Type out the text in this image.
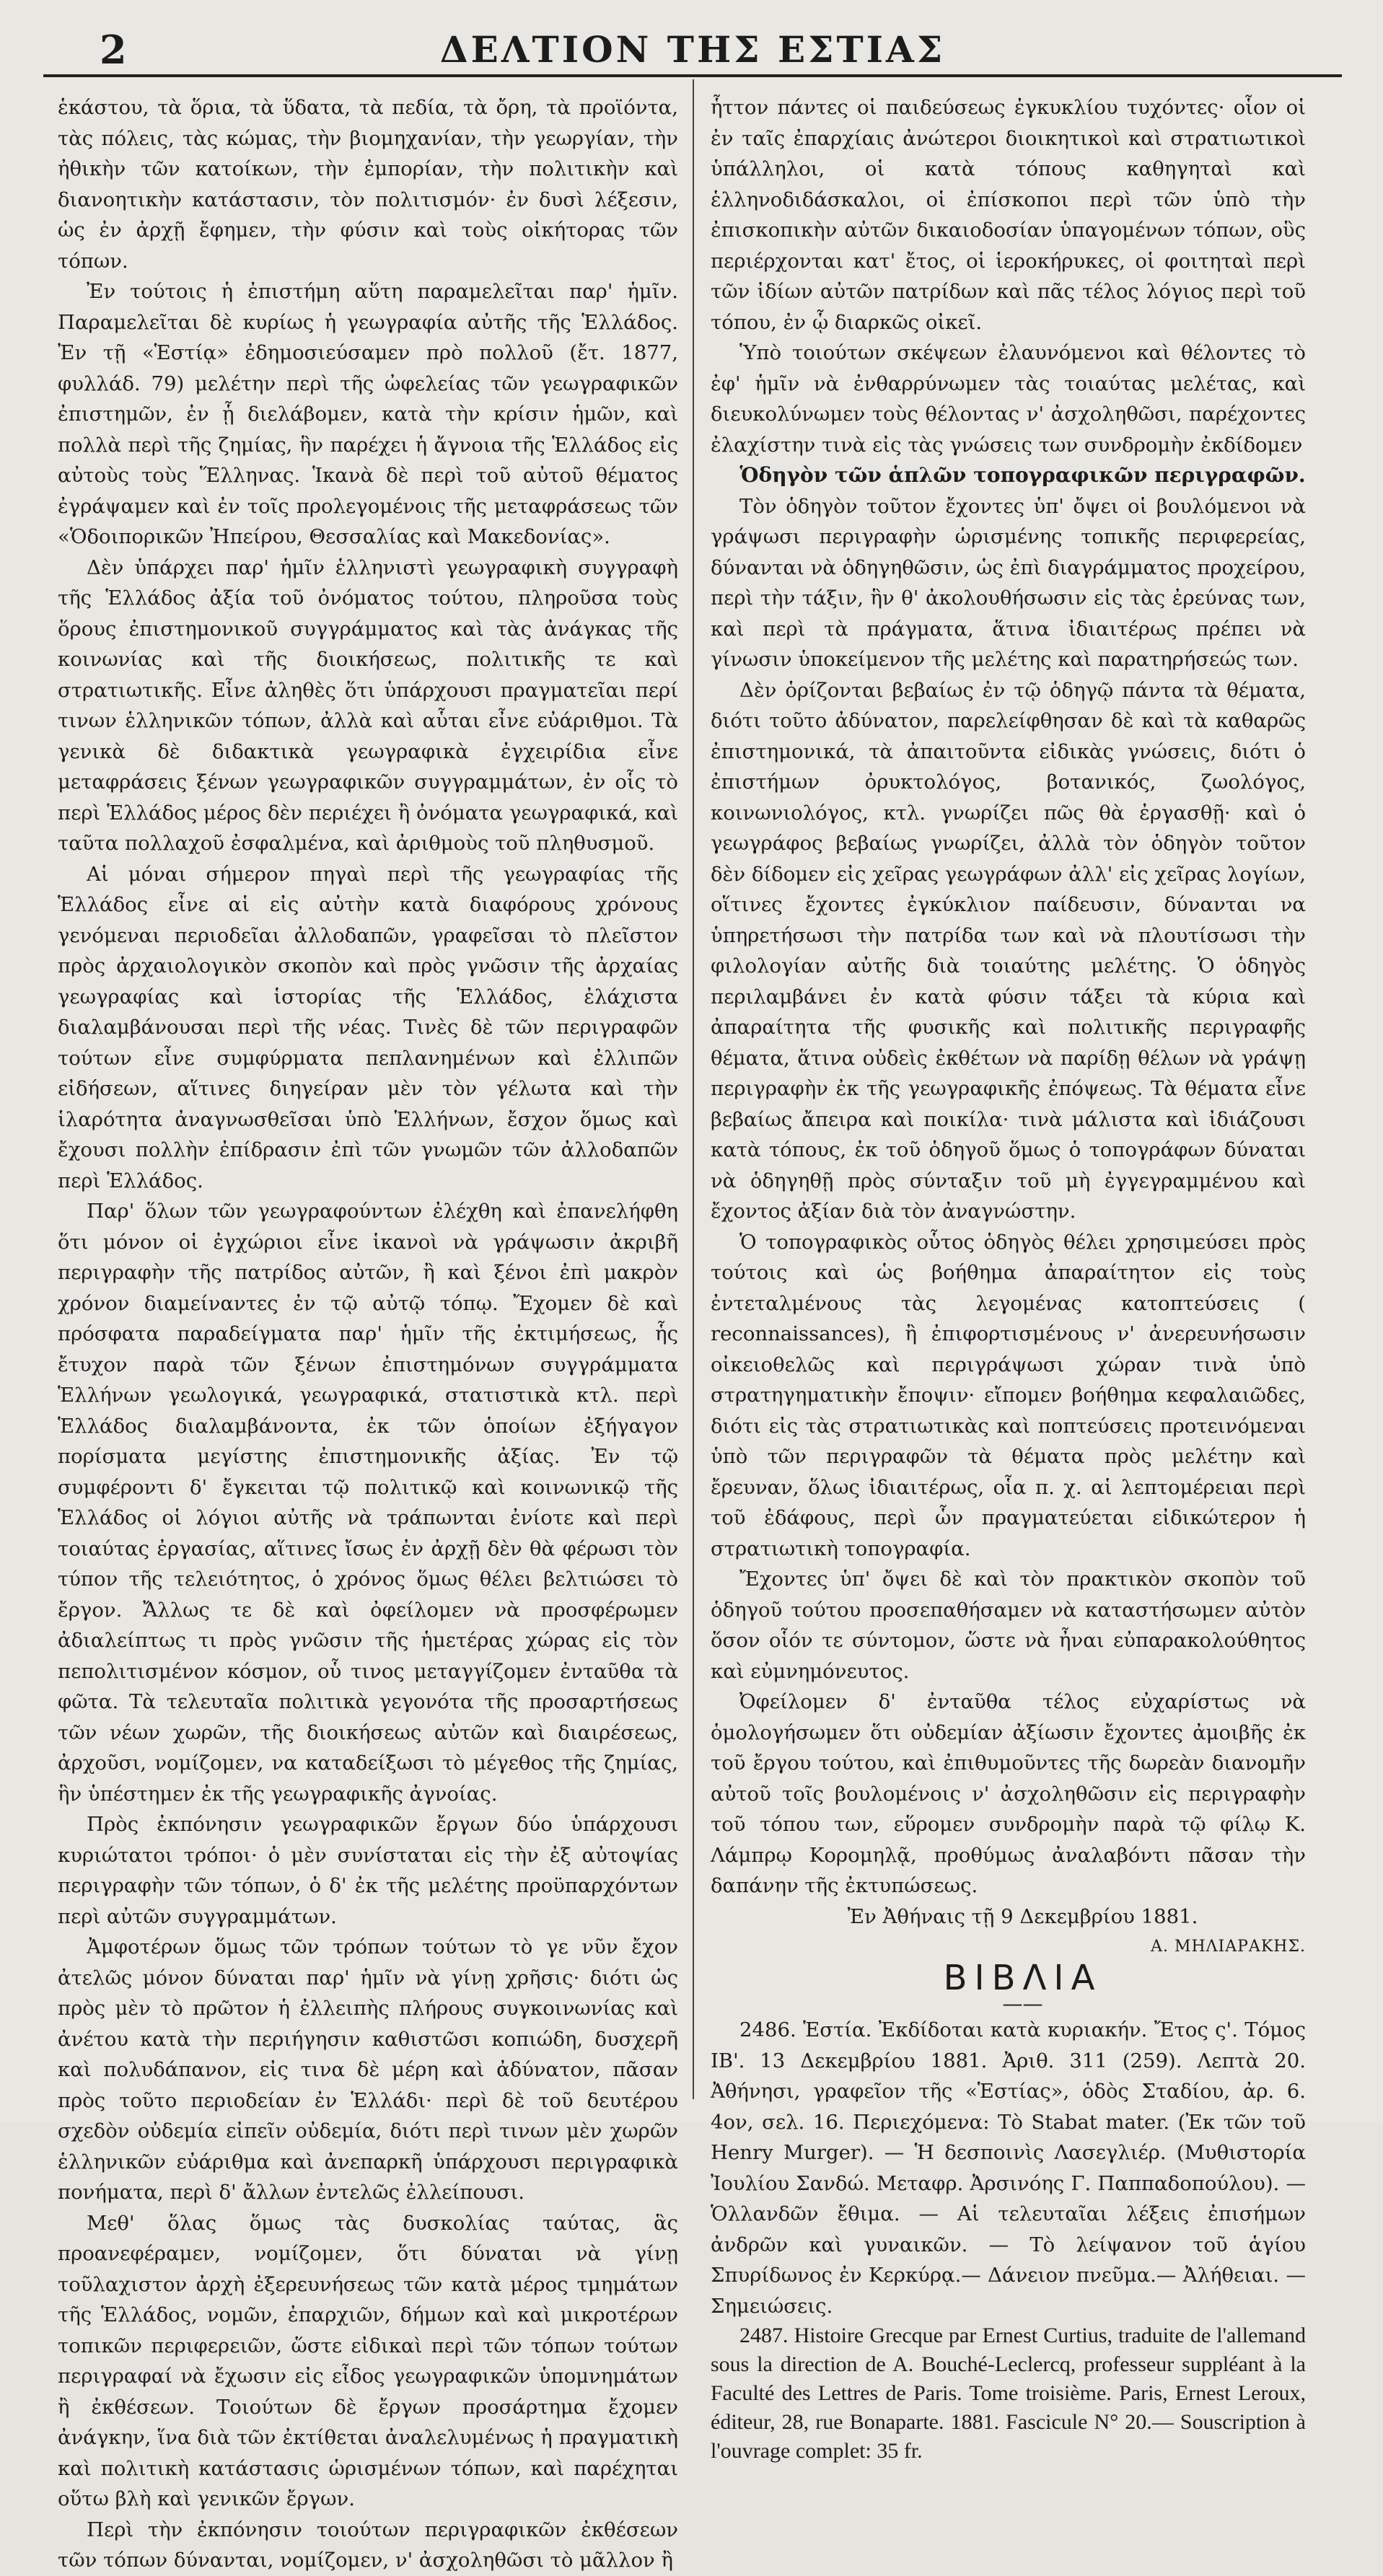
2	ΔΕΛΤΙΟΝ ΤΗΣ ΕΣΤΙΑΣ

ἑκάστου, τὰ ὅρια, τὰ ὕδατα, τὰ πεδία, τὰ ὄρη, τὰ προϊόντα, τὰς πόλεις, τὰς κώμας, τὴν βιομηχανίαν, τὴν γεωργίαν, τὴν ἠθικὴν τῶν κατοίκων, τὴν ἐμπορίαν, τὴν πολιτικὴν καὶ διανοητικὴν κατάστασιν, τὸν πολιτισμόν· ἐν δυσὶ λέξεσιν, ὡς ἐν ἀρχῇ ἔφημεν, τὴν φύσιν καὶ τοὺς οἰκήτορας τῶν τόπων.

Ἐν τούτοις ἡ ἐπιστήμη αὕτη παραμελεῖται παρ' ἡμῖν. Παραμελεῖται δὲ κυρίως ἡ γεωγραφία αὐτῆς τῆς Ἑλλάδος. Ἐν τῇ «Ἑστίᾳ» ἐδημοσιεύσαμεν πρὸ πολλοῦ (ἔτ. 1877, φυλλάδ. 79) μελέτην περὶ τῆς ὠφελείας τῶν γεωγραφικῶν ἐπιστημῶν, ἐν ᾗ διελάβομεν, κατὰ τὴν κρίσιν ἡμῶν, καὶ πολλὰ περὶ τῆς ζημίας, ἣν παρέχει ἡ ἄγνοια τῆς Ἑλλάδος εἰς αὐτοὺς τοὺς Ἕλληνας. Ἱκανὰ δὲ περὶ τοῦ αὐτοῦ θέματος ἐγράψαμεν καὶ ἐν τοῖς προλεγομένοις τῆς μεταφράσεως τῶν «Ὁδοιπορικῶν Ἠπείρου, Θεσσαλίας καὶ Μακεδονίας».

Δὲν ὑπάρχει παρ' ἡμῖν ἑλληνιστὶ γεωγραφικὴ συγγραφὴ τῆς Ἑλλάδος ἀξία τοῦ ὀνόματος τούτου, πληροῦσα τοὺς ὅρους ἐπιστημονικοῦ συγγράμματος καὶ τὰς ἀνάγκας τῆς κοινωνίας καὶ τῆς διοικήσεως, πολιτικῆς τε καὶ στρατιωτικῆς. Εἶνε ἀληθὲς ὅτι ὑπάρχουσι πραγματεῖαι περί τινων ἑλληνικῶν τόπων, ἀλλὰ καὶ αὗται εἶνε εὐάριθμοι. Τὰ γενικὰ δὲ διδακτικὰ γεωγραφικὰ ἐγχειρίδια εἶνε μεταφράσεις ξένων γεωγραφικῶν συγγραμμάτων, ἐν οἷς τὸ περὶ Ἑλλάδος μέρος δὲν περιέχει ἢ ὀνόματα γεωγραφικά, καὶ ταῦτα πολλαχοῦ ἐσφαλμένα, καὶ ἀριθμοὺς τοῦ πληθυσμοῦ.

Αἱ μόναι σήμερον πηγαὶ περὶ τῆς γεωγραφίας τῆς Ἑλλάδος εἶνε αἱ εἰς αὐτὴν κατὰ διαφόρους χρόνους γενόμεναι περιοδεῖαι ἀλλοδαπῶν, γραφεῖσαι τὸ πλεῖστον πρὸς ἀρχαιολογικὸν σκοπὸν καὶ πρὸς γνῶσιν τῆς ἀρχαίας γεωγραφίας καὶ ἱστορίας τῆς Ἑλλάδος, ἐλάχιστα διαλαμβάνουσαι περὶ τῆς νέας. Τινὲς δὲ τῶν περιγραφῶν τούτων εἶνε συμφύρματα πεπλανημένων καὶ ἐλλιπῶν εἰδήσεων, αἵτινες διηγείραν μὲν τὸν γέλωτα καὶ τὴν ἱλαρότητα ἀναγνωσθεῖσαι ὑπὸ Ἑλλήνων, ἔσχον ὅμως καὶ ἔχουσι πολλὴν ἐπίδρασιν ἐπὶ τῶν γνωμῶν τῶν ἀλλοδαπῶν περὶ Ἑλλάδος.

Παρ' ὅλων τῶν γεωγραφούντων ἐλέχθη καὶ ἐπανελήφθη ὅτι μόνον οἱ ἐγχώριοι εἶνε ἱκανοὶ νὰ γράψωσιν ἀκριβῆ περιγραφὴν τῆς πατρίδος αὐτῶν, ἢ καὶ ξένοι ἐπὶ μακρὸν χρόνον διαμείναντες ἐν τῷ αὐτῷ τόπῳ. Ἔχομεν δὲ καὶ πρόσφατα παραδείγματα παρ' ἡμῖν τῆς ἐκτιμήσεως, ἧς ἔτυχον παρὰ τῶν ξένων ἐπιστημόνων συγγράμματα Ἑλλήνων γεωλογικά, γεωγραφικά, στατιστικὰ κτλ. περὶ Ἑλλάδος διαλαμβάνοντα, ἐκ τῶν ὁποίων ἐξήγαγον πορίσματα μεγίστης ἐπιστημονικῆς ἀξίας. Ἐν τῷ συμφέροντι δ' ἔγκειται τῷ πολιτικῷ καὶ κοινωνικῷ τῆς Ἑλλάδος οἱ λόγιοι αὐτῆς νὰ τράπωνται ἐνίοτε καὶ περὶ τοιαύτας ἐργασίας, αἵτινες ἴσως ἐν ἀρχῇ δὲν θὰ φέρωσι τὸν τύπον τῆς τελειότητος, ὁ χρόνος ὅμως θέλει βελτιώσει τὸ ἔργον. Ἄλλως τε δὲ καὶ ὀφείλομεν νὰ προσφέρωμεν ἀδιαλείπτως τι πρὸς γνῶσιν τῆς ἡμετέρας χώρας εἰς τὸν πεπολιτισμένον κόσμον, οὗ τινος μεταγγίζομεν ἐνταῦθα τὰ φῶτα. Τὰ τελευταῖα πολιτικὰ γεγονότα τῆς προσαρτήσεως τῶν νέων χωρῶν, τῆς διοικήσεως αὐτῶν καὶ διαιρέσεως, ἀρχοῦσι, νομίζομεν, να καταδείξωσι τὸ μέγεθος τῆς ζημίας, ἣν ὑπέστημεν ἐκ τῆς γεωγραφικῆς ἀγνοίας.

Πρὸς ἐκπόνησιν γεωγραφικῶν ἔργων δύο ὑπάρχουσι κυριώτατοι τρόποι· ὁ μὲν συνίσταται εἰς τὴν ἐξ αὐτοψίας περιγραφὴν τῶν τόπων, ὁ δ' ἐκ τῆς μελέτης προϋπαρχόντων περὶ αὐτῶν συγγραμμάτων.

Ἀμφοτέρων ὅμως τῶν τρόπων τούτων τὸ γε νῦν ἔχον ἀτελῶς μόνον δύναται παρ' ἡμῖν νὰ γίνῃ χρῆσις· διότι ὡς πρὸς μὲν τὸ πρῶτον ἡ ἐλλειπὴς πλήρους συγκοινωνίας καὶ ἀνέτου κατὰ τὴν περιήγησιν καθιστῶσι κοπιώδη, δυσχερῆ καὶ πολυδάπανον, εἰς τινα δὲ μέρη καὶ ἀδύνατον, πᾶσαν πρὸς τοῦτο περιοδείαν ἐν Ἑλλάδι· περὶ δὲ τοῦ δευτέρου σχεδὸν οὐδεμία εἰπεῖν οὐδεμία, διότι περὶ τινων μὲν χωρῶν ἑλληνικῶν εὐάριθμα καὶ ἀνεπαρκῆ ὑπάρχουσι περιγραφικὰ πονήματα, περὶ δ' ἄλλων ἐντελῶς ἐλλείπουσι.

Μεθ' ὅλας ὅμως τὰς δυσκολίας ταύτας, ἃς προανεφέραμεν, νομίζομεν, ὅτι δύναται νὰ γίνῃ τοῦλαχιστον ἀρχὴ ἐξερευνήσεως τῶν κατὰ μέρος τμημάτων τῆς Ἑλλάδος, νομῶν, ἐπαρχιῶν, δήμων καὶ καὶ μικροτέρων τοπικῶν περιφερειῶν, ὥστε εἰδικαὶ περὶ τῶν τόπων τούτων περιγραφαί νὰ ἔχωσιν εἰς εἶδος γεωγραφικῶν ὑπομνημάτων ἢ ἐκθέσεων. Τοιούτων δὲ ἔργων προσάρτημα ἔχομεν ἀνάγκην, ἵνα διὰ τῶν ἐκτίθεται ἀναλελυμένως ἡ πραγματικὴ καὶ πολιτικὴ κατάστασις ὡρισμένων τόπων, καὶ παρέχηται οὕτω βλὴ καὶ γενικῶν ἔργων.

Περὶ τὴν ἐκπόνησιν τοιούτων περιγραφικῶν ἐκθέσεων τῶν τόπων δύνανται, νομίζομεν, ν' ἀσχοληθῶσι τὸ μᾶλλον ἢ

ἧττον πάντες οἱ παιδεύσεως ἐγκυκλίου τυχόντες· οἷον οἱ ἐν ταῖς ἐπαρχίαις ἀνώτεροι διοικητικοὶ καὶ στρατιωτικοὶ ὑπάλληλοι, οἱ κατὰ τόπους καθηγηταὶ καὶ ἑλληνοδιδάσκαλοι, οἱ ἐπίσκοποι περὶ τῶν ὑπὸ τὴν ἐπισκοπικὴν αὐτῶν δικαιοδοσίαν ὑπαγομένων τόπων, οὓς περιέρχονται κατ' ἔτος, οἱ ἱεροκήρυκες, οἱ φοιτηταὶ περὶ τῶν ἰδίων αὐτῶν πατρίδων καὶ πᾶς τέλος λόγιος περὶ τοῦ τόπου, ἐν ᾧ διαρκῶς οἰκεῖ.

Ὑπὸ τοιούτων σκέψεων ἐλαυνόμενοι καὶ θέλοντες τὸ ἐφ' ἡμῖν νὰ ἐνθαρρύνωμεν τὰς τοιαύτας μελέτας, καὶ διευκολύνωμεν τοὺς θέλοντας ν' ἀσχοληθῶσι, παρέχοντες ἐλαχίστην τινὰ εἰς τὰς γνώσεις των συνδρομὴν ἐκδίδομεν

Ὁδηγὸν τῶν ἁπλῶν τοπογραφικῶν περιγραφῶν.

Τὸν ὁδηγὸν τοῦτον ἔχοντες ὑπ' ὄψει οἱ βουλόμενοι νὰ γράψωσι περιγραφὴν ὡρισμένης τοπικῆς περιφερείας, δύνανται νὰ ὁδηγηθῶσιν, ὡς ἐπὶ διαγράμματος προχείρου, περὶ τὴν τάξιν, ἣν θ' ἀκολουθήσωσιν εἰς τὰς ἐρεύνας των, καὶ περὶ τὰ πράγματα, ἅτινα ἰδιαιτέρως πρέπει νὰ γίνωσιν ὑποκείμενον τῆς μελέτης καὶ παρατηρήσεώς των.

Δὲν ὁρίζονται βεβαίως ἐν τῷ ὁδηγῷ πάντα τὰ θέματα, διότι τοῦτο ἀδύνατον, παρελείφθησαν δὲ καὶ τὰ καθαρῶς ἐπιστημονικά, τὰ ἀπαιτοῦντα εἰδικὰς γνώσεις, διότι ὁ ἐπιστήμων ὀρυκτολόγος, βοτανικός, ζωολόγος, κοινωνιολόγος, κτλ. γνωρίζει πῶς θὰ ἐργασθῇ· καὶ ὁ γεωγράφος βεβαίως γνωρίζει, ἀλλὰ τὸν ὁδηγὸν τοῦτον δὲν δίδομεν εἰς χεῖρας γεωγράφων ἀλλ' εἰς χεῖρας λογίων, οἵτινες ἔχοντες ἐγκύκλιον παίδευσιν, δύνανται να ὑπηρετήσωσι τὴν πατρίδα των καὶ νὰ πλουτίσωσι τὴν φιλολογίαν αὐτῆς διὰ τοιαύτης μελέτης. Ὁ ὁδηγὸς περιλαμβάνει ἐν κατὰ φύσιν τάξει τὰ κύρια καὶ ἀπαραίτητα τῆς φυσικῆς καὶ πολιτικῆς περιγραφῆς θέματα, ἅτινα οὐδεὶς ἐκθέτων νὰ παρίδῃ θέλων νὰ γράψῃ περιγραφὴν ἐκ τῆς γεωγραφικῆς ἐπόψεως. Τὰ θέματα εἶνε βεβαίως ἄπειρα καὶ ποικίλα· τινὰ μάλιστα καὶ ἰδιάζουσι κατὰ τόπους, ἐκ τοῦ ὁδηγοῦ ὅμως ὁ τοπογράφων δύναται νὰ ὁδηγηθῇ πρὸς σύνταξιν τοῦ μὴ ἐγγεγραμμένου καὶ ἔχοντος ἀξίαν διὰ τὸν ἀναγνώστην.

Ὁ τοπογραφικὸς οὗτος ὁδηγὸς θέλει χρησιμεύσει πρὸς τούτοις καὶ ὡς βοήθημα ἀπαραίτητον εἰς τοὺς ἐντεταλμένους τὰς λεγομένας κατοπτεύσεις ( reconnaissances), ἢ ἐπιφορτισμένους ν' ἀνερευνήσωσιν οἰκειοθελῶς καὶ περιγράψωσι χώραν τινὰ ὑπὸ στρατηγηματικὴν ἔποψιν· εἴπομεν βοήθημα κεφαλαιῶδες, διότι εἰς τὰς στρατιωτικὰς καὶ ποπτεύσεις προτεινόμεναι ὑπὸ τῶν περιγραφῶν τὰ θέματα πρὸς μελέτην καὶ ἔρευναν, ὅλως ἰδιαιτέρως, οἷα π. χ. αἱ λεπτομέρειαι περὶ τοῦ ἐδάφους, περὶ ὧν πραγματεύεται εἰδικώτερον ἡ στρατιωτικὴ τοπογραφία.

Ἔχοντες ὑπ' ὄψει δὲ καὶ τὸν πρακτικὸν σκοπὸν τοῦ ὁδηγοῦ τούτου προσεπαθήσαμεν νὰ καταστήσωμεν αὐτὸν ὅσον οἷόν τε σύντομον, ὥστε νὰ ἦναι εὐπαρακολούθητος καὶ εὐμνημόνευτος.

Ὀφείλομεν δ' ἐνταῦθα τέλος εὐχαρίστως νὰ ὁμολογήσωμεν ὅτι οὐδεμίαν ἀξίωσιν ἔχοντες ἀμοιβῆς ἐκ τοῦ ἔργου τούτου, καὶ ἐπιθυμοῦντες τῆς δωρεὰν διανομῆν αὐτοῦ τοῖς βουλομένοις ν' ἀσχοληθῶσιν εἰς περιγραφὴν τοῦ τόπου των, εὕρομεν συνδρομὴν παρὰ τῷ φίλῳ Κ. Λάμπρῳ Κορομηλᾷ, προθύμως ἀναλαβόντι πᾶσαν τὴν δαπάνην τῆς ἐκτυπώσεως.

Ἐν Ἀθήναις τῇ 9 Δεκεμβρίου 1881.

Α. ΜΗΛΙΑΡΑΚΗΣ.

ΒΙΒΛΙΑ

——

2486. Ἑστία. Ἐκδίδοται κατὰ κυριακήν. Ἔτος ς'. Τόμος ΙΒ'. 13 Δεκεμβρίου 1881. Ἀριθ. 311 (259). Λεπτὰ 20. Ἀθήνησι, γραφεῖον τῆς «Ἑστίας», ὁδὸς Σταδίου, ἀρ. 6. 4ον, σελ. 16. Περιεχόμενα: Τὸ Stabat mater. (Ἐκ τῶν τοῦ Henry Murger). — Ἡ δεσποινὶς Λασεγλιέρ. (Μυθιστορία Ἰουλίου Σανδώ. Μεταφρ. Ἀρσινόης Γ. Παππαδοπούλου). — Ὁλλανδῶν ἔθιμα. — Αἱ τελευταῖαι λέξεις ἐπισήμων ἀνδρῶν καὶ γυναικῶν. — Τὸ λείψανον τοῦ ἁγίου Σπυρίδωνος ἐν Κερκύρᾳ.— Δάνειον πνεῦμα.— Ἀλήθειαι. — Σημειώσεις.

2487. Histoire Grecque par Ernest Curtius, traduite de l'allemand sous la direction de A. Bouché-Leclercq, professeur suppléant à la Faculté des Lettres de Paris. Tome troisième. Paris, Ernest Leroux, éditeur, 28, rue Bonaparte. 1881. Fascicule N° 20.— Souscription à l'ouvrage complet: 35 fr.
